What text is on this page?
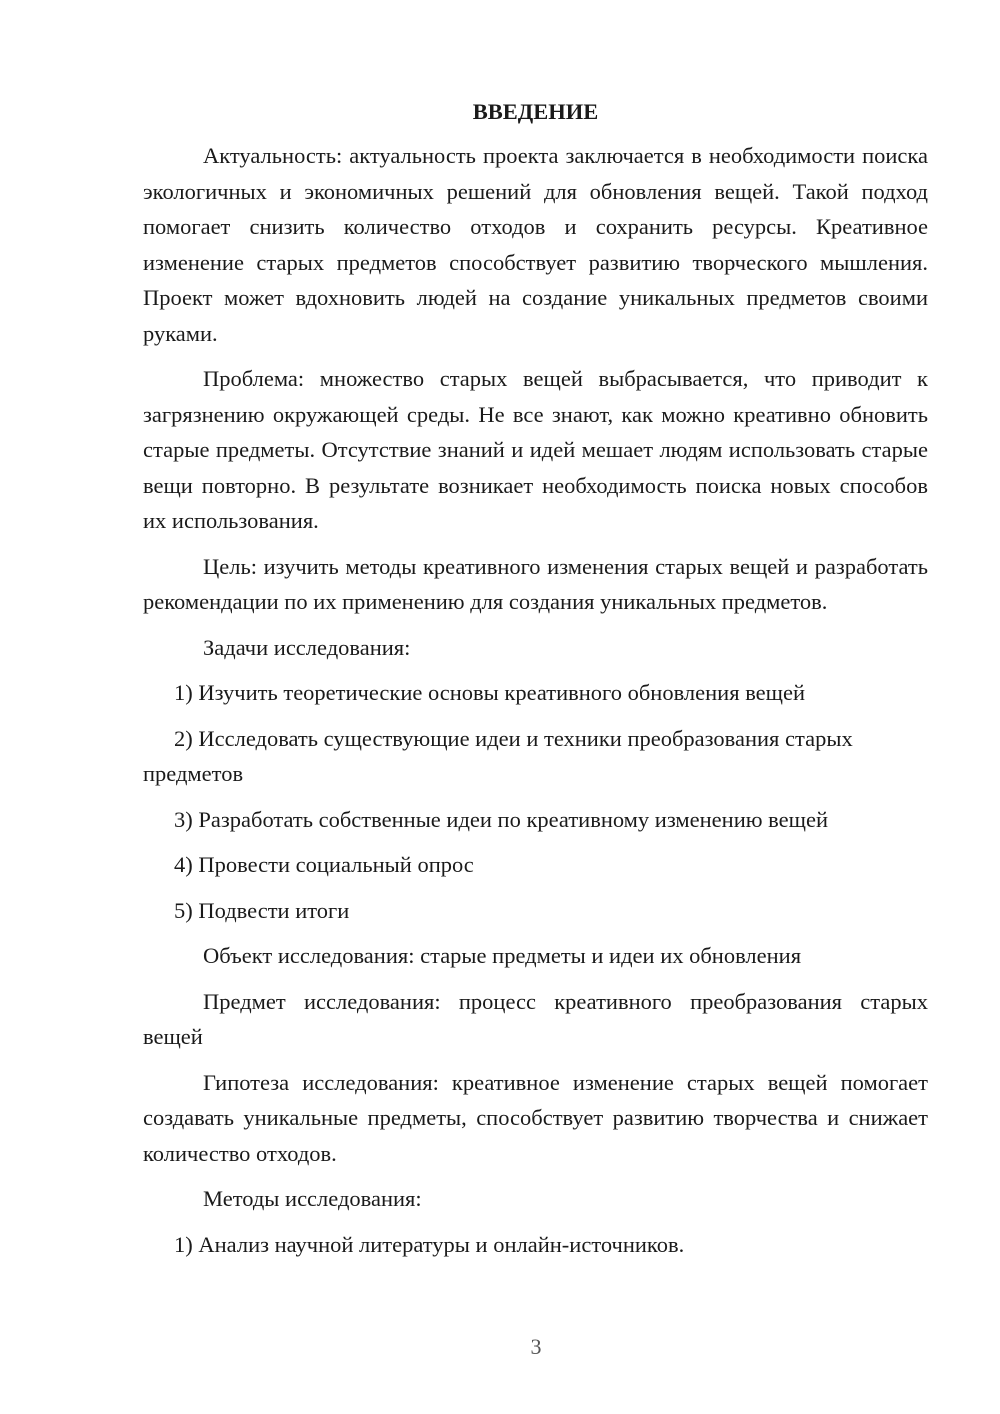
ВВЕДЕНИЕ

Актуальность: актуальность проекта заключается в необходимости поиска экологичных и экономичных решений для обновления вещей. Такой подход помогает снизить количество отходов и сохранить ресурсы. Креативное изменение старых предметов способствует развитию творческого мышления. Проект может вдохновить людей на создание уникальных предметов своими руками.

Проблема: множество старых вещей выбрасывается, что приводит к загрязнению окружающей среды. Не все знают, как можно креативно обновить старые предметы. Отсутствие знаний и идей мешает людям использовать старые вещи повторно. В результате возникает необходимость поиска новых способов их использования.

Цель: изучить методы креативного изменения старых вещей и разработать рекомендации по их применению для создания уникальных предметов.

Задачи исследования:

1) Изучить теоретические основы креативного обновления вещей

2) Исследовать существующие идеи и техники преобразования старых предметов

3) Разработать собственные идеи по креативному изменению вещей

4) Провести социальный опрос

5) Подвести итоги

Объект исследования: старые предметы и идеи их обновления

Предмет исследования: процесс креативного преобразования старых вещей

Гипотеза исследования: креативное изменение старых вещей помогает создавать уникальные предметы, способствует развитию творчества и снижает количество отходов.

Методы исследования:

1) Анализ научной литературы и онлайн-источников.

3
